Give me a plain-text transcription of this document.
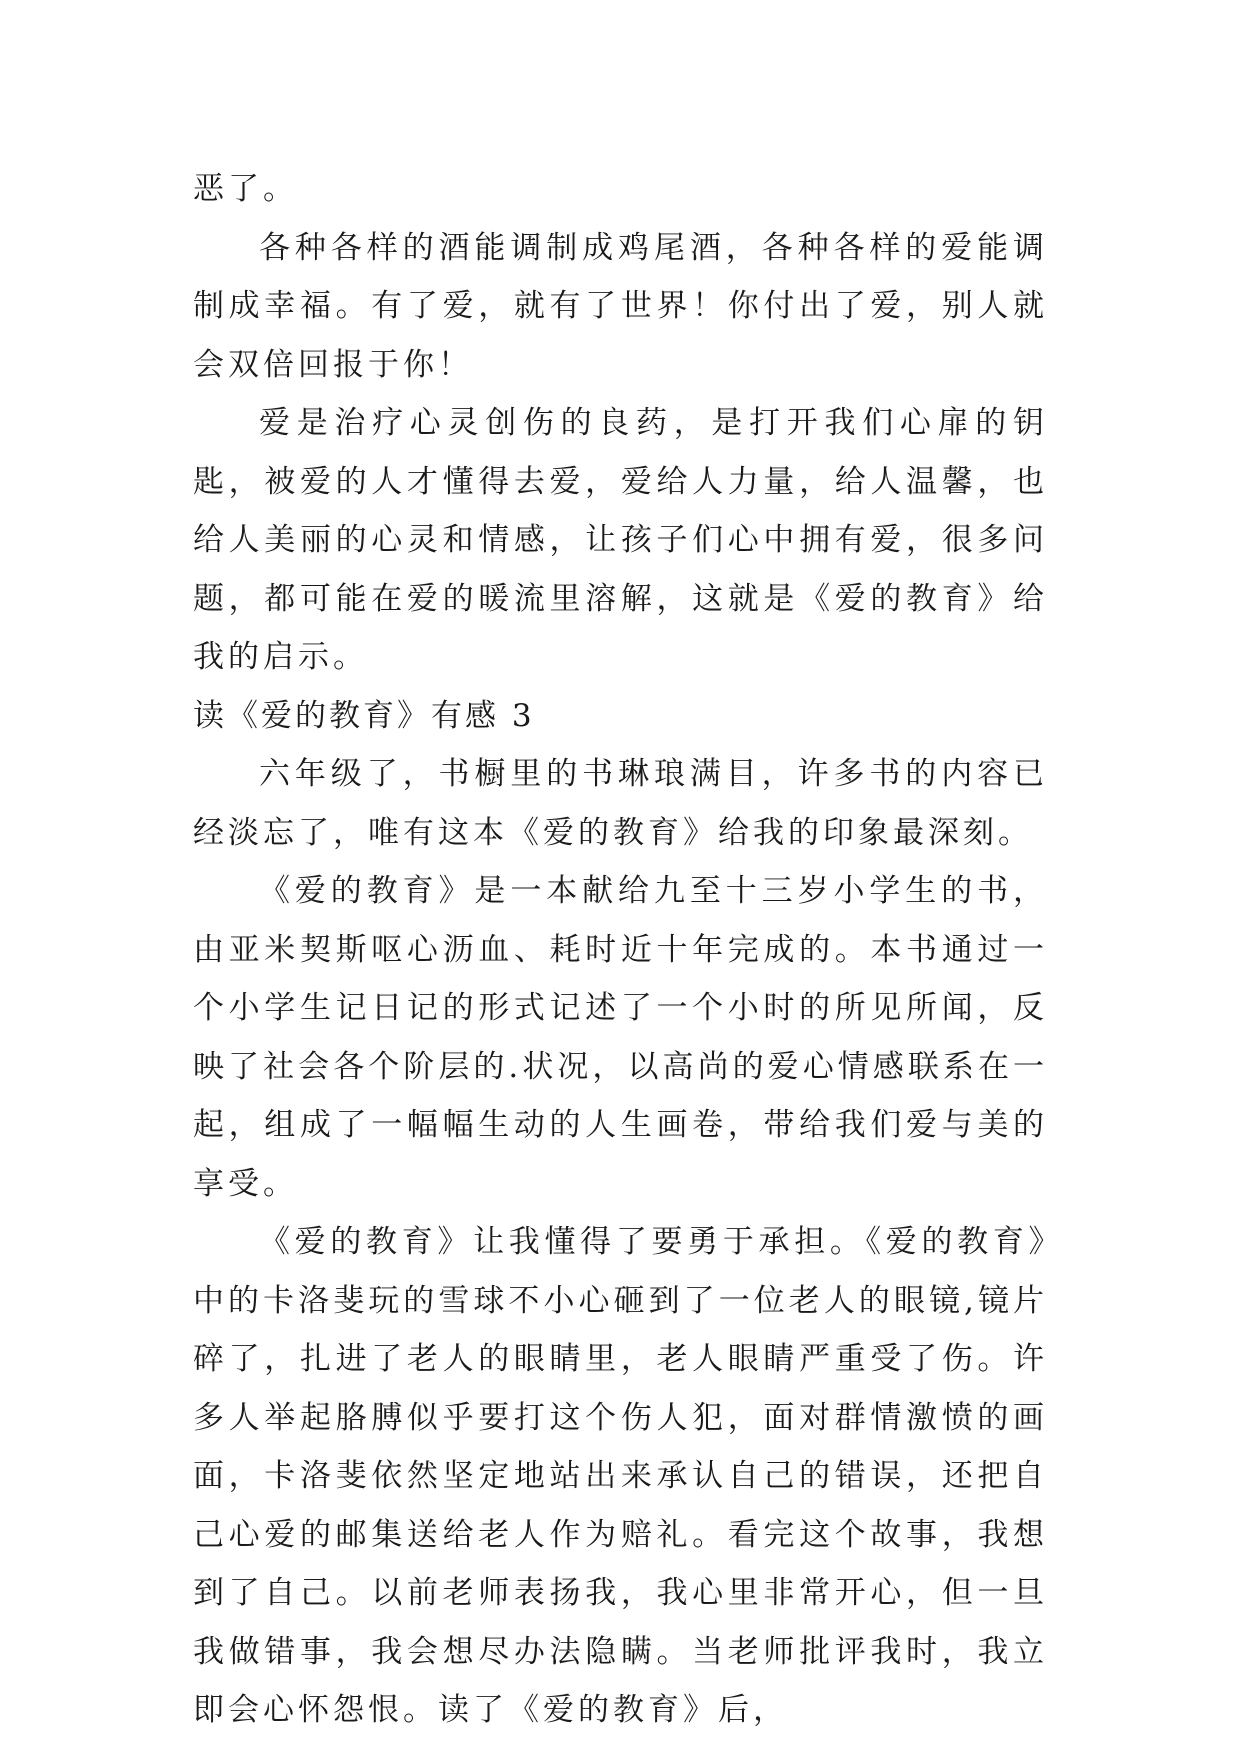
恶了。

各种各样的酒能调制成鸡尾酒，各种各样的爱能调制成幸福。有了爱，就有了世界！你付出了爱，别人就会双倍回报于你！

爱是治疗心灵创伤的良药，是打开我们心扉的钥匙，被爱的人才懂得去爱，爱给人力量，给人温馨，也给人美丽的心灵和情感，让孩子们心中拥有爱，很多问题，都可能在爱的暖流里溶解，这就是《爱的教育》给我的启示。

读《爱的教育》有感 3

六年级了，书橱里的书琳琅满目，许多书的内容已经淡忘了，唯有这本《爱的教育》给我的印象最深刻。

《爱的教育》是一本献给九至十三岁小学生的书，由亚米契斯呕心沥血、耗时近十年完成的。本书通过一个小学生记日记的形式记述了一个小时的所见所闻，反映了社会各个阶层的.状况，以高尚的爱心情感联系在一起，组成了一幅幅生动的人生画卷，带给我们爱与美的享受。

《爱的教育》让我懂得了要勇于承担。《爱的教育》中的卡洛斐玩的雪球不小心砸到了一位老人的眼镜,镜片碎了，扎进了老人的眼睛里，老人眼睛严重受了伤。许多人举起胳膊似乎要打这个伤人犯，面对群情激愤的画面，卡洛斐依然坚定地站出来承认自己的错误，还把自己心爱的邮集送给老人作为赔礼。看完这个故事，我想到了自己。以前老师表扬我，我心里非常开心，但一旦我做错事，我会想尽办法隐瞒。当老师批评我时，我立即会心怀怨恨。读了《爱的教育》后，
